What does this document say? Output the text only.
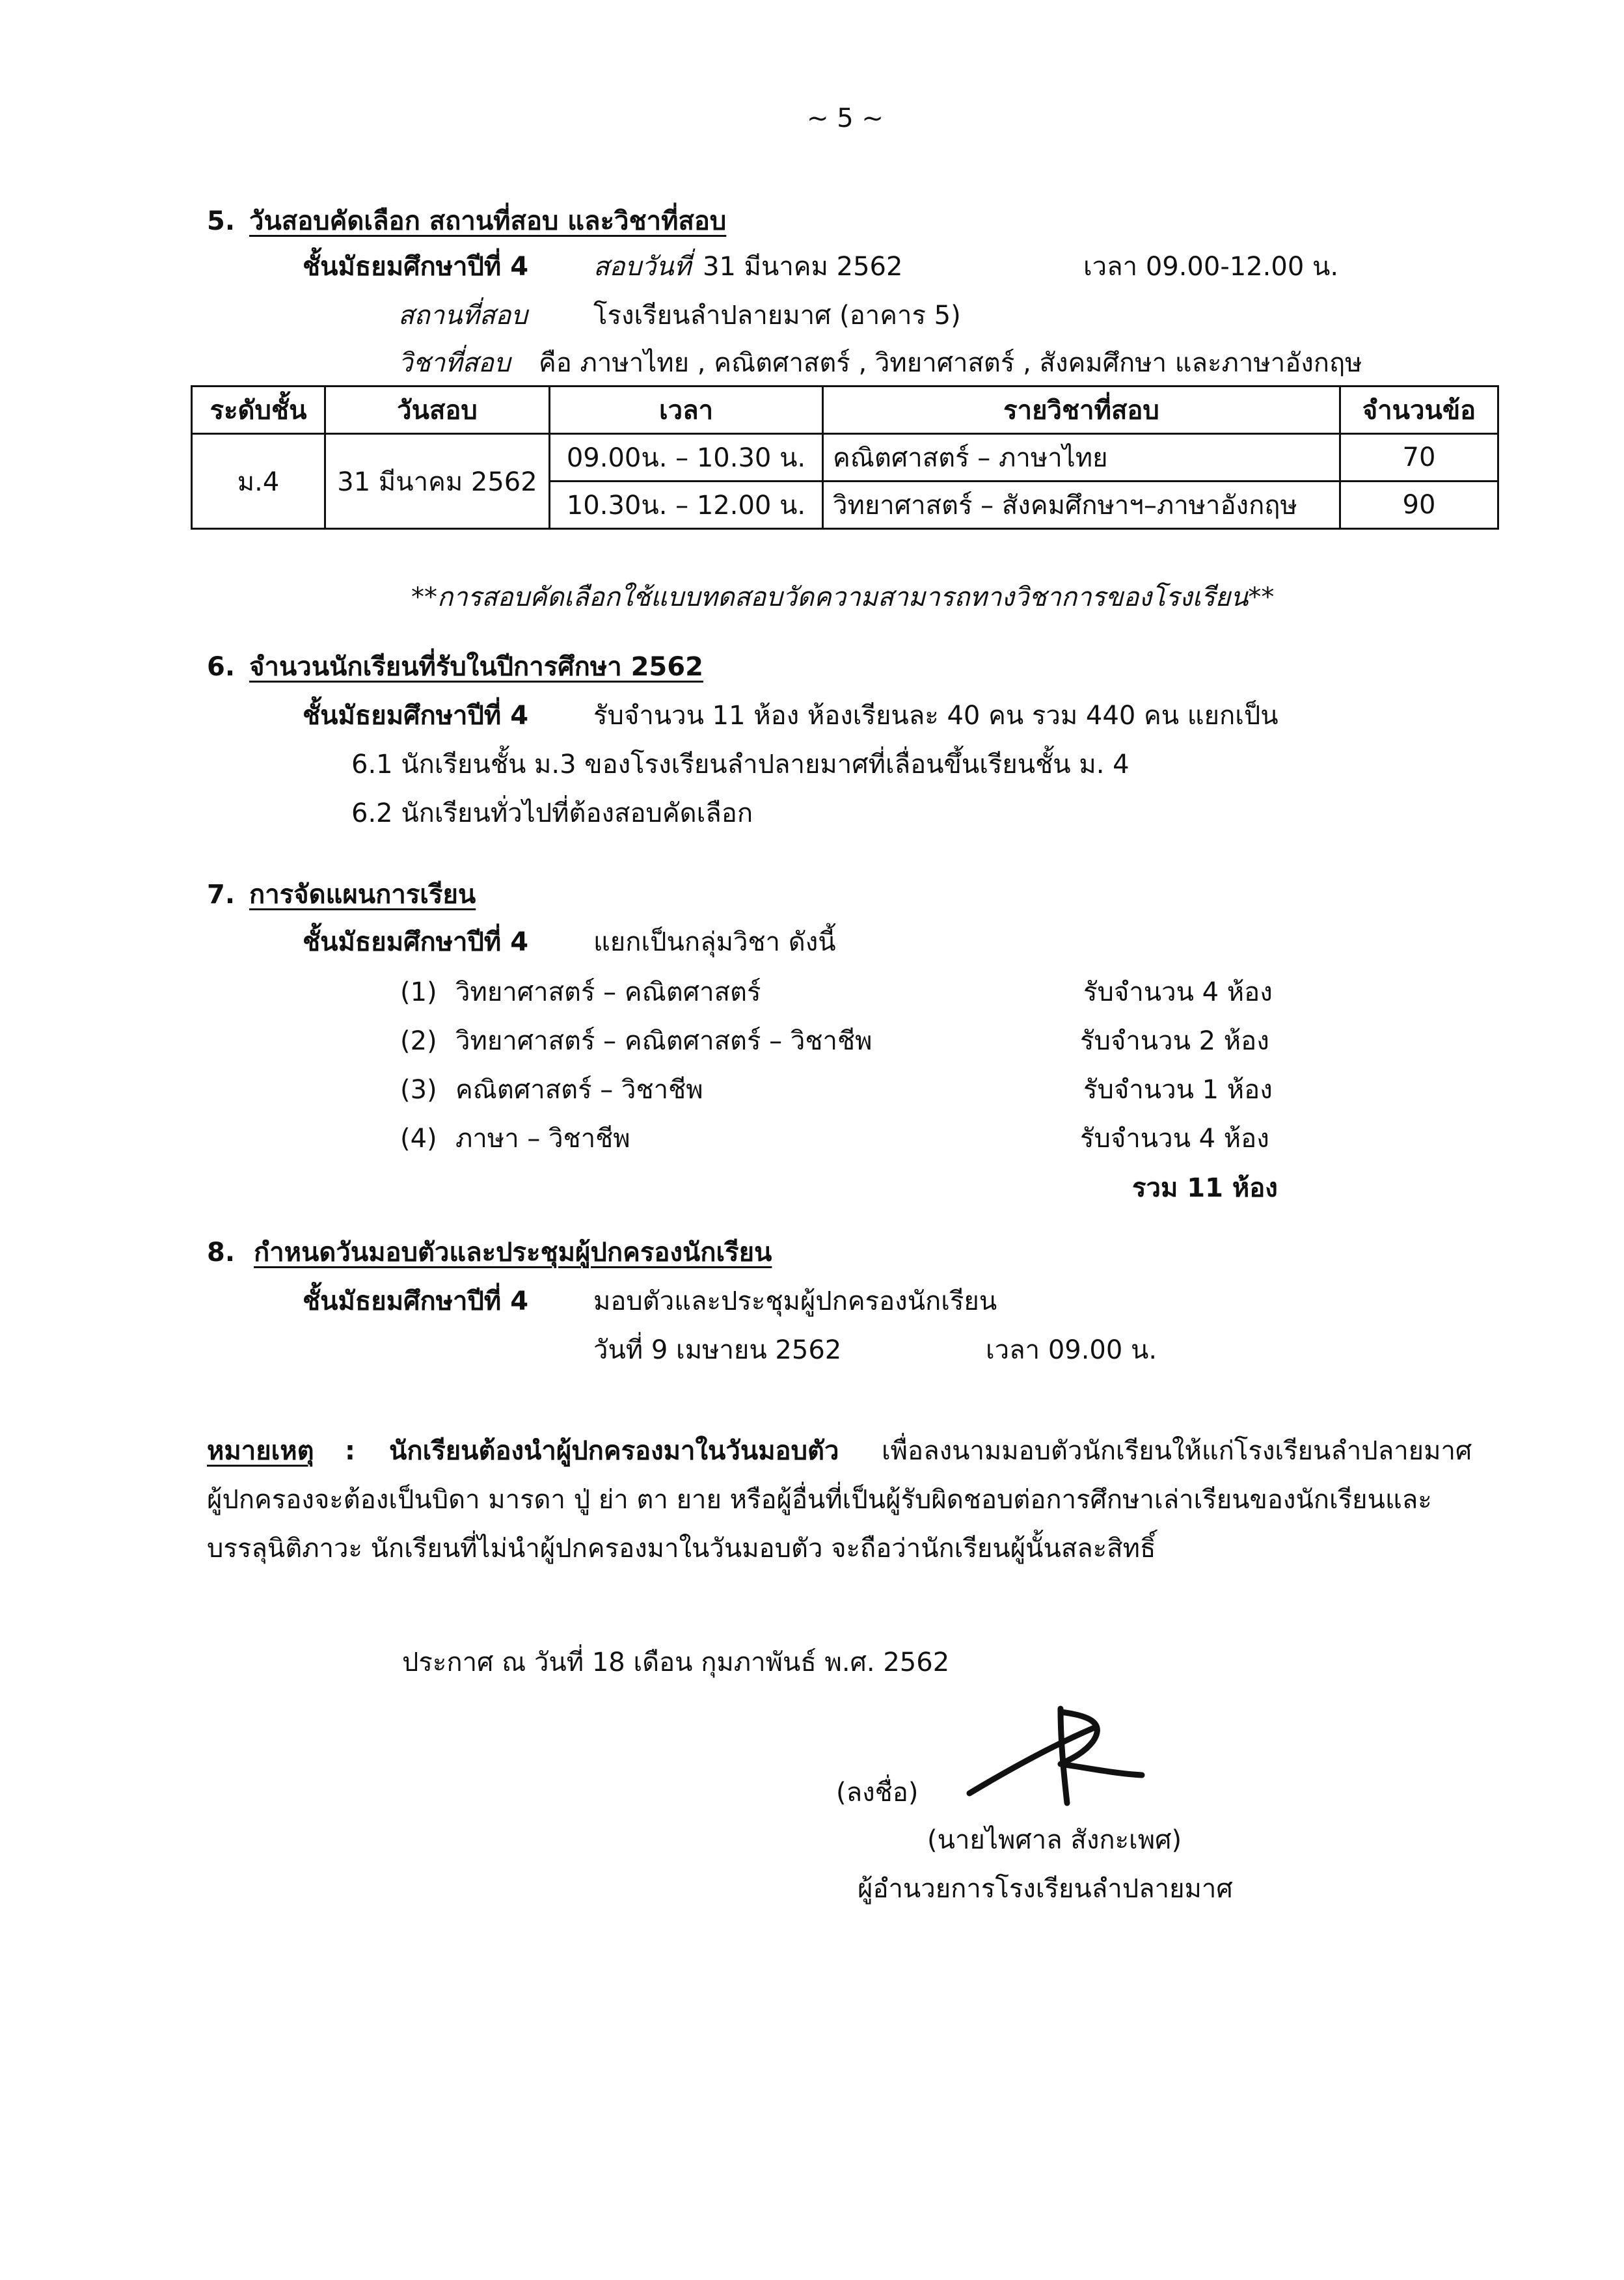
~ 5 ~
5. วันสอบคัดเลือก สถานที่สอบ และวิชาที่สอบ
ชั้นมัธยมศึกษาปีที่ 4 สอบวันที่ 31 มีนาคม 2562	เวลา 09.00-12.00 น.
สถานที่สอบ	โรงเรียนลำปลายมาศ (อาคาร 5)
วิชาที่สอบ คือ ภาษาไทย , คณิตศาสตร์ , วิทยาศาสตร์ , สังคมศึกษา และภาษาอังกฤษ
ระดับชั้น	วันสอบ	เวลา	รายวิชาที่สอบ	จำนวนข้อ
ม.4	31 มีนาคม 2562	09.00น. – 10.30 น.	คณิตศาสตร์ – ภาษาไทย	70
		10.30น. – 12.00 น.	วิทยาศาสตร์ – สังคมศึกษาฯ–ภาษาอังกฤษ	90
**การสอบคัดเลือกใช้แบบทดสอบวัดความสามารถทางวิชาการของโรงเรียน**
6. จำนวนนักเรียนที่รับในปีการศึกษา 2562
ชั้นมัธยมศึกษาปีที่ 4 รับจำนวน 11 ห้อง ห้องเรียนละ 40 คน รวม 440 คน แยกเป็น
6.1 นักเรียนชั้น ม.3 ของโรงเรียนลำปลายมาศที่เลื่อนขึ้นเรียนชั้น ม. 4
6.2 นักเรียนทั่วไปที่ต้องสอบคัดเลือก
7. การจัดแผนการเรียน
ชั้นมัธยมศึกษาปีที่ 4 แยกเป็นกลุ่มวิชา ดังนี้
(1) วิทยาศาสตร์ – คณิตศาสตร์	รับจำนวน 4 ห้อง
(2) วิทยาศาสตร์ – คณิตศาสตร์ – วิชาชีพ	รับจำนวน 2 ห้อง
(3) คณิตศาสตร์ – วิชาชีพ	รับจำนวน 1 ห้อง
(4) ภาษา – วิชาชีพ	รับจำนวน 4 ห้อง
รวม 11 ห้อง
8. กำหนดวันมอบตัวและประชุมผู้ปกครองนักเรียน
ชั้นมัธยมศึกษาปีที่ 4 มอบตัวและประชุมผู้ปกครองนักเรียน
วันที่ 9 เมษายน 2562	เวลา 09.00 น.
หมายเหตุ : นักเรียนต้องนำผู้ปกครองมาในวันมอบตัว เพื่อลงนามมอบตัวนักเรียนให้แก่โรงเรียนลำปลายมาศ
ผู้ปกครองจะต้องเป็นบิดา มารดา ปู่ ย่า ตา ยาย หรือผู้อื่นที่เป็นผู้รับผิดชอบต่อการศึกษาเล่าเรียนของนักเรียนและ
บรรลุนิติภาวะ นักเรียนที่ไม่นำผู้ปกครองมาในวันมอบตัว จะถือว่านักเรียนผู้นั้นสละสิทธิ์
ประกาศ ณ วันที่ 18 เดือน กุมภาพันธ์ พ.ศ. 2562
(ลงชื่อ)
(นายไพศาล สังกะเพศ)
ผู้อำนวยการโรงเรียนลำปลายมาศ
